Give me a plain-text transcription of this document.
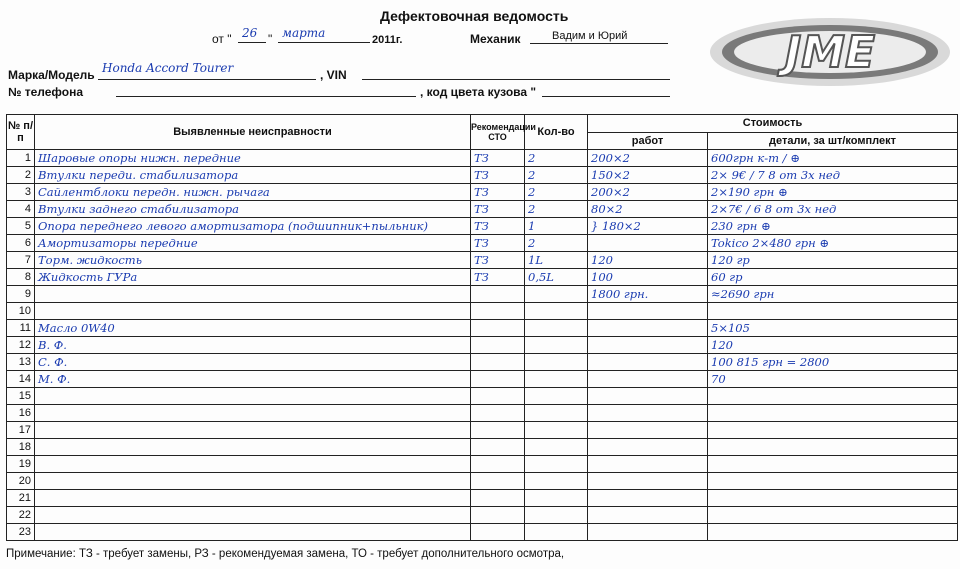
Дефектовочная ведомость
от " 26 " марта	2011г.	Механик	Вадим и Юрий
Марка/Модель Honda Accord Tourer	, VIN
№ телефона	, код цвета кузова "
JME
№ п/п	Выявленные неисправности	Рекомендации СТО	Кол-во	Стоимость	
				работ	детали, за шт/комплект
1	Шаровые опоры нижн. передние	ТЗ	2	200×2	600грн к-т / ⊕

2	Втулки переди. стабилизатора	ТЗ	2	150×2	2× 9€ / 7 8 от 3х нед

3	Сайлентблоки передн. нижн. рычага	ТЗ	2	200×2	2×190 грн ⊕

4	Втулки заднего стабилизатора	ТЗ	2	80×2	2×7€ / 6 8 от 3х нед

5	Опора переднего левого амортизатора (подшипник+пыльник)	ТЗ	1	} 180×2	230 грн ⊕

6	Амортизаторы передние	ТЗ	2		Tokico 2×480 грн ⊕

7	Торм. жидкость	ТЗ	1L	120	120 гр

8	Жидкость ГУРа	ТЗ	0,5L	100	60 гр

9				1800 грн.	≈2690 грн

10	

11	Масло 0W40				5×105

12	В. Ф.				120

13	С. Ф.				100 815 грн = 2800

14	М. Ф.				70

15	

16	

17	

18	

19	

20	

21	

22	

23	

Примечание: ТЗ - требует замены, РЗ - рекомендуемая замена, ТО - требует дополнительного осмотра,
